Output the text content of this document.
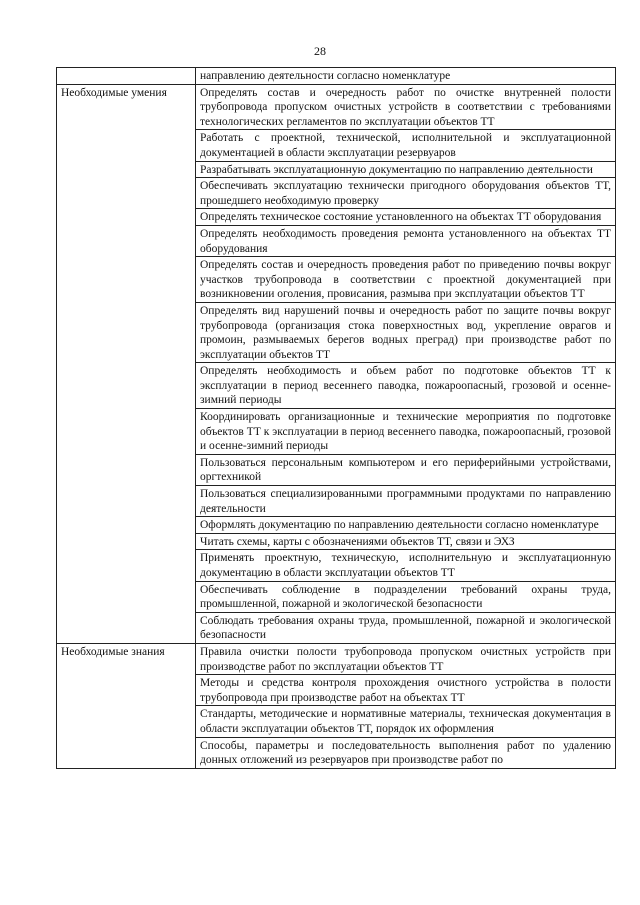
28
	направлению деятельности согласно номенклатуре
Необходимые умения	Определять состав и очередность работ по очистке внутренней полости трубопровода пропуском очистных устройств в соответствии с требованиями технологических регламентов по эксплуатации объектов ТТ
	Работать с проектной, технической, исполнительной и эксплуатационной документацией в области эксплуатации резервуаров
	Разрабатывать эксплуатационную документацию по направлению деятельности
	Обеспечивать эксплуатацию технически пригодного оборудования объектов ТТ, прошедшего необходимую проверку
	Определять техническое состояние установленного на объектах ТТ оборудования
	Определять необходимость проведения ремонта установленного на объектах ТТ оборудования
	Определять состав и очередность проведения работ по приведению почвы вокруг участков трубопровода в соответствии с проектной документацией при возникновении оголения, провисания, размыва при эксплуатации объектов ТТ
	Определять вид нарушений почвы и очередность работ по защите почвы вокруг трубопровода (организация стока поверхностных вод, укрепление оврагов и промоин, размываемых берегов водных преград) при производстве работ по эксплуатации объектов ТТ
	Определять необходимость и объем работ по подготовке объектов ТТ к эксплуатации в период весеннего паводка, пожароопасный, грозовой и осенне-зимний периоды
	Координировать организационные и технические мероприятия по подготовке объектов ТТ к эксплуатации в период весеннего паводка, пожароопасный, грозовой и осенне-зимний периоды
	Пользоваться персональным компьютером и его периферийными устройствами, оргтехникой
	Пользоваться специализированными программными продуктами по направлению деятельности
	Оформлять документацию по направлению деятельности согласно номенклатуре
	Читать схемы, карты с обозначениями объектов ТТ, связи и ЭХЗ
	Применять проектную, техническую, исполнительную и эксплуатационную документацию в области эксплуатации объектов ТТ
	Обеспечивать соблюдение в подразделении требований охраны труда, промышленной, пожарной и экологической безопасности
	Соблюдать требования охраны труда, промышленной, пожарной и экологической безопасности
Необходимые знания	Правила очистки полости трубопровода пропуском очистных устройств при производстве работ по эксплуатации объектов ТТ
	Методы и средства контроля прохождения очистного устройства в полости трубопровода при производстве работ на объектах ТТ
	Стандарты, методические и нормативные материалы, техническая документация в области эксплуатации объектов ТТ, порядок их оформления
	Способы, параметры и последовательность выполнения работ по удалению донных отложений из резервуаров при производстве работ по
